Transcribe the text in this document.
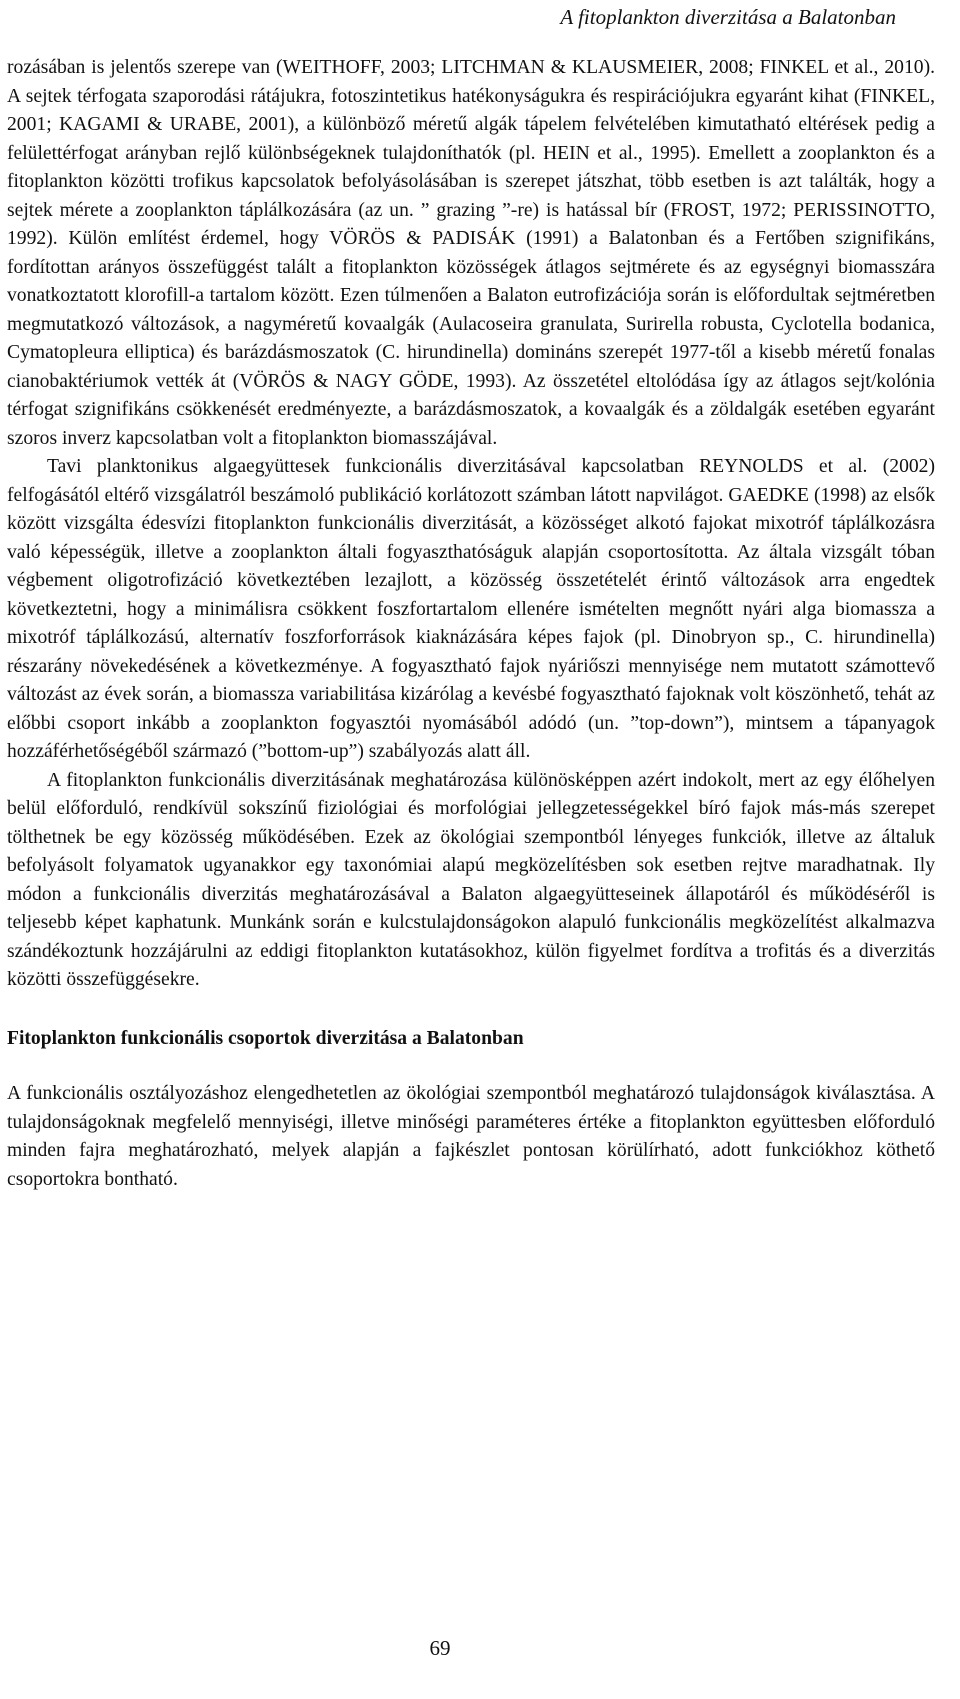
A fitoplankton diverzitása a Balatonban

rozásában is jelentős szerepe van (WEITHOFF, 2003; LITCHMAN & KLAUSMEIER, 2008; FINKEL et al., 2010). A sejtek térfogata szaporodási rátájukra, fotoszintetikus hatékonyságukra és respirációjukra egyaránt kihat (FINKEL, 2001; KAGAMI & URABE, 2001), a különböző méretű algák tápelem felvételében kimutatható eltérések pedig a felülettérfogat arányban rejlő különbségeknek tulajdoníthatók (pl. HEIN et al., 1995). Emellett a zooplankton és a fitoplankton közötti trofikus kapcsolatok befolyásolásában is szerepet játszhat, több esetben is azt találták, hogy a sejtek mérete a zooplankton táplálkozására (az un. ” grazing ”-re) is hatással bír (FROST, 1972; PERISSINOTTO, 1992). Külön említést érdemel, hogy VÖRÖS & PADISÁK (1991) a Balatonban és a Fertőben szignifikáns, fordítottan arányos összefüggést talált a fitoplankton közösségek átlagos sejtmérete és az egységnyi biomasszára vonatkoztatott klorofill-a tartalom között. Ezen túlmenően a Balaton eutrofizációja során is előfordultak sejtméretben megmutatkozó változások, a nagyméretű kovaalgák (Aulacoseira granulata, Surirella robusta, Cyclotella bodanica, Cymatopleura elliptica) és barázdásmoszatok (C. hirundinella) domináns szerepét 1977-től a kisebb méretű fonalas cianobaktériumok vették át (VÖRÖS & NAGY GÖDE, 1993). Az összetétel eltolódása így az átlagos sejt/kolónia térfogat szignifikáns csökkenését eredményezte, a barázdásmoszatok, a kovaalgák és a zöldalgák esetében egyaránt szoros inverz kapcsolatban volt a fitoplankton biomasszájával.

Tavi planktonikus algaegyüttesek funkcionális diverzitásával kapcsolatban REYNOLDS et al. (2002) felfogásától eltérő vizsgálatról beszámoló publikáció korlátozott számban látott napvilágot. GAEDKE (1998) az elsők között vizsgálta édesvízi fitoplankton funkcionális diverzitását, a közösséget alkotó fajokat mixotróf táplálkozásra való képességük, illetve a zooplankton általi fogyaszthatóságuk alapján csoportosította. Az általa vizsgált tóban végbement oligotrofizáció következtében lezajlott, a közösség összetételét érintő változások arra engedtek következtetni, hogy a minimálisra csökkent foszfortartalom ellenére ismételten megnőtt nyári alga biomassza a mixotróf táplálkozású, alternatív foszforforrások kiaknázására képes fajok (pl. Dinobryon sp., C. hirundinella) részarány növekedésének a következménye. A fogyasztható fajok nyáriőszi mennyisége nem mutatott számottevő változást az évek során, a biomassza variabilitása kizárólag a kevésbé fogyasztható fajoknak volt köszönhető, tehát az előbbi csoport inkább a zooplankton fogyasztói nyomásából adódó (un. ”top-down”), mintsem a tápanyagok hozzáférhetőségéből származó (”bottom-up”) szabályozás alatt áll.

A fitoplankton funkcionális diverzitásának meghatározása különösképpen azért indokolt, mert az egy élőhelyen belül előforduló, rendkívül sokszínű fiziológiai és morfológiai jellegzetességekkel bíró fajok más-más szerepet tölthetnek be egy közösség működésében. Ezek az ökológiai szempontból lényeges funkciók, illetve az általuk befolyásolt folyamatok ugyanakkor egy taxonómiai alapú megközelítésben sok esetben rejtve maradhatnak. Ily módon a funkcionális diverzitás meghatározásával a Balaton algaegyütteseinek állapotáról és működéséről is teljesebb képet kaphatunk. Munkánk során e kulcstulajdonságokon alapuló funkcionális megközelítést alkalmazva szándékoztunk hozzájárulni az eddigi fitoplankton kutatásokhoz, külön figyelmet fordítva a trofitás és a diverzitás közötti összefüggésekre.

Fitoplankton funkcionális csoportok diverzitása a Balatonban

A funkcionális osztályozáshoz elengedhetetlen az ökológiai szempontból meghatározó tulajdonságok kiválasztása. A tulajdonságoknak megfelelő mennyiségi, illetve minőségi paraméteres értéke a fitoplankton együttesben előforduló minden fajra meghatározható, melyek alapján a fajkészlet pontosan körülírható, adott funkciókhoz köthető csoportokra bontható.

69
